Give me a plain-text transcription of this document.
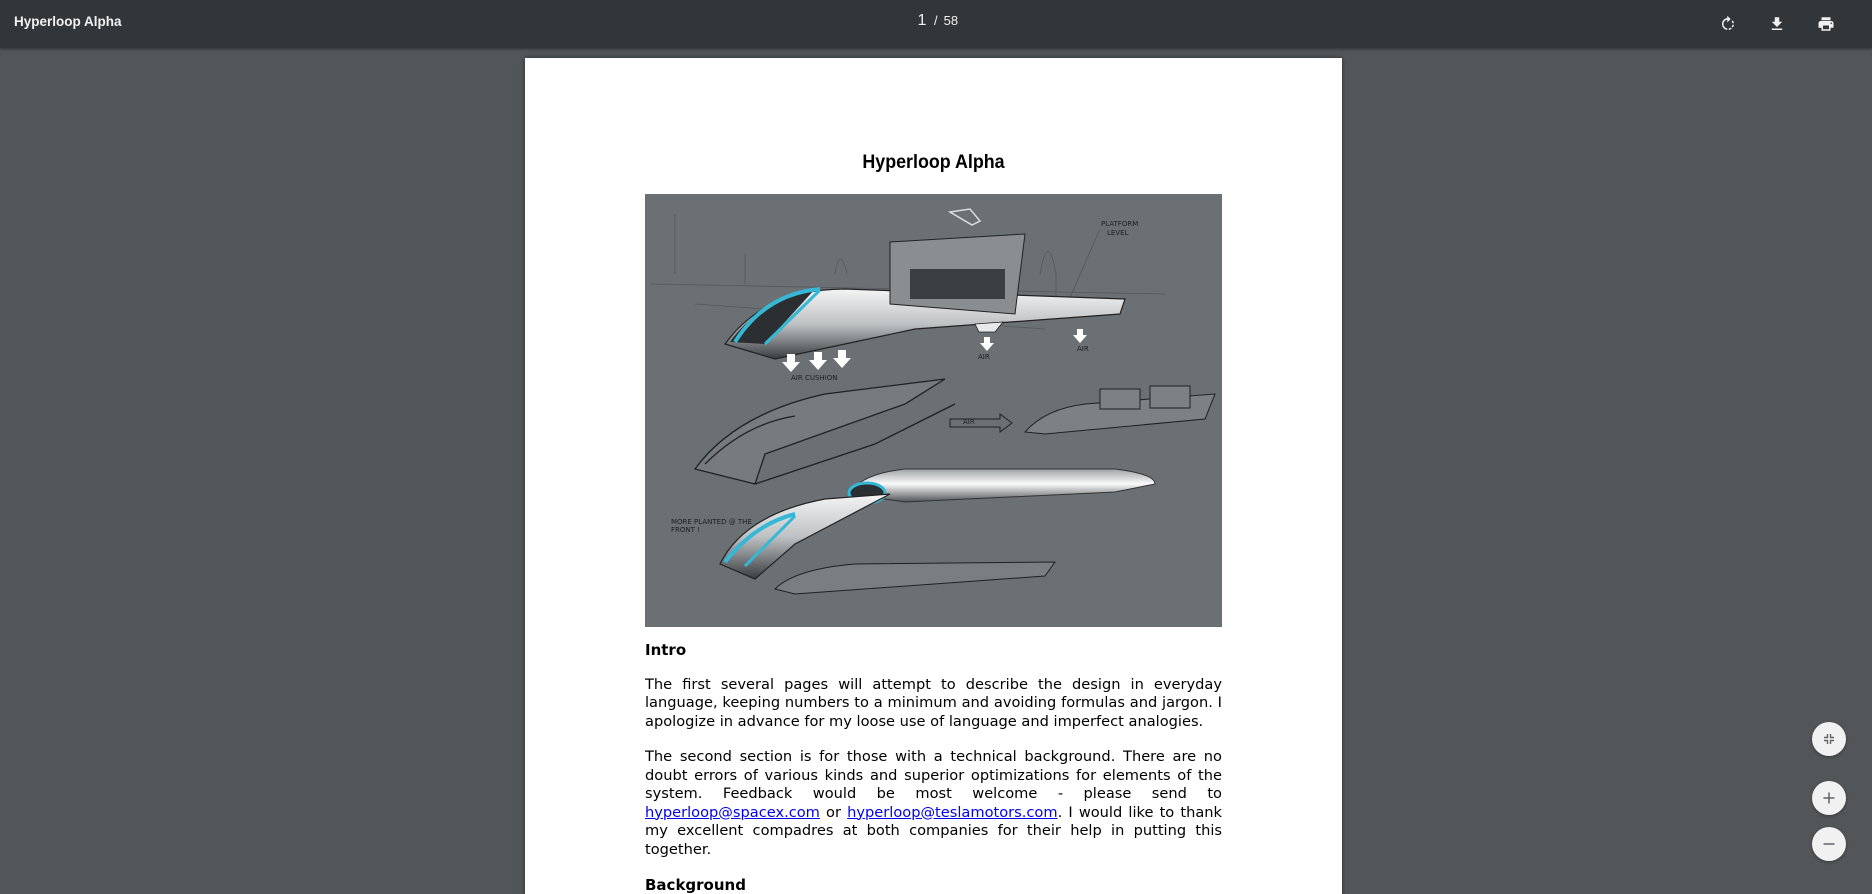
Hyperloop Alpha	1 / 58
Hyperloop Alpha
AIR CUSHION
AIR
AIR
PLATFORM
LEVEL
MORE PLANTED @ THE
FRONT !
AIR
Intro

The first several pages will attempt to describe the design in everyday language, keeping numbers to a minimum and avoiding formulas and jargon. I apologize in advance for my loose use of language and imperfect analogies.

The second section is for those with a technical background. There are no doubt errors of various kinds and superior optimizations for elements of the system. Feedback would be most welcome - please send to hyperloop@spacex.com or hyperloop@teslamotors.com. I would like to thank my excellent compadres at both companies for their help in putting this together.

Background
